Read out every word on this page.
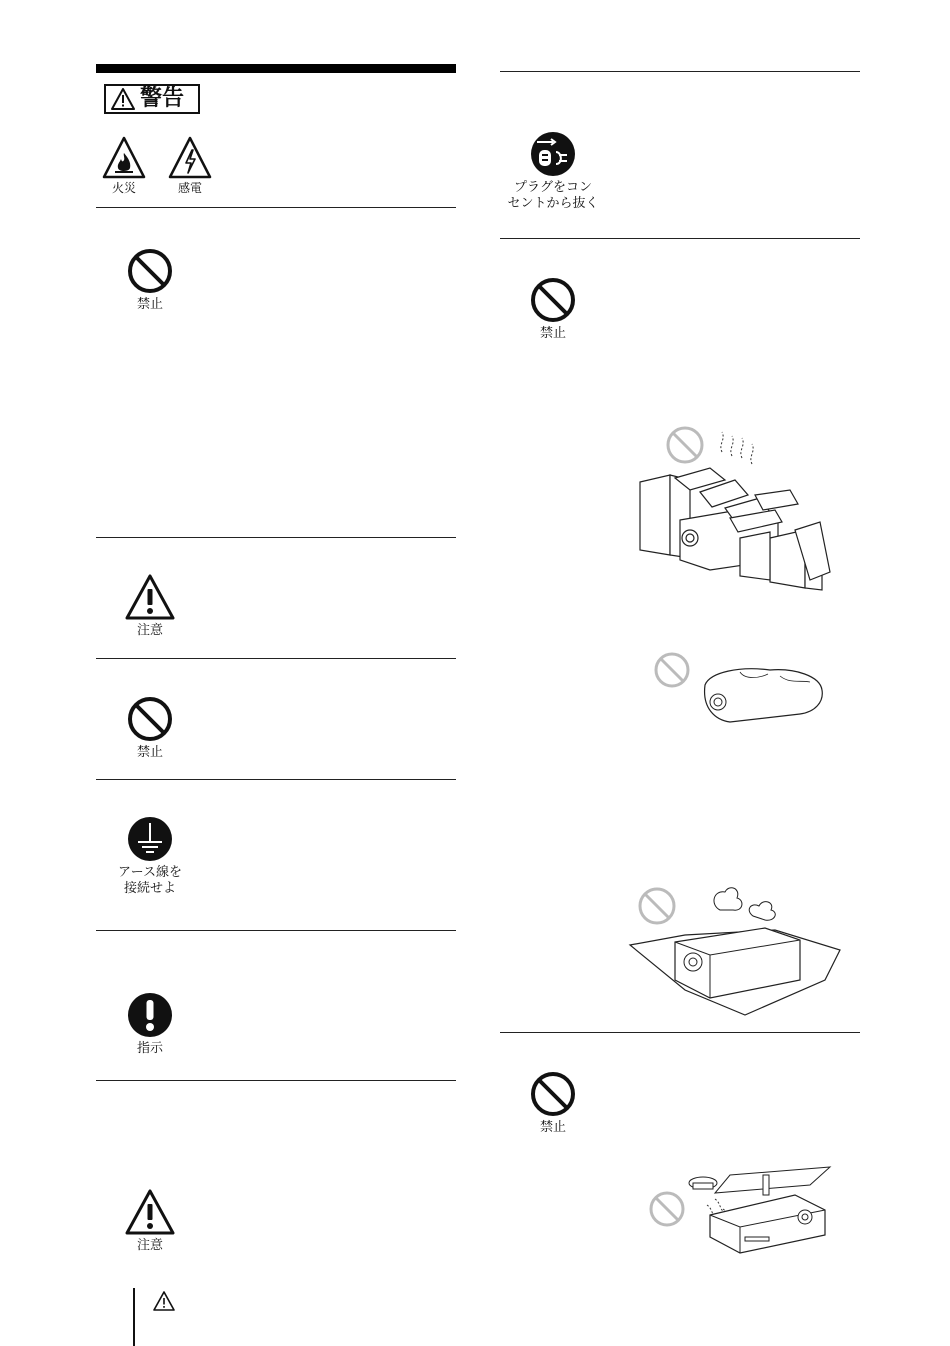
警告
火災	感電
禁止
注意
禁止
アース線を
接続せよ
指示
注意
プラグをコン
セントから抜く
禁止
禁止
